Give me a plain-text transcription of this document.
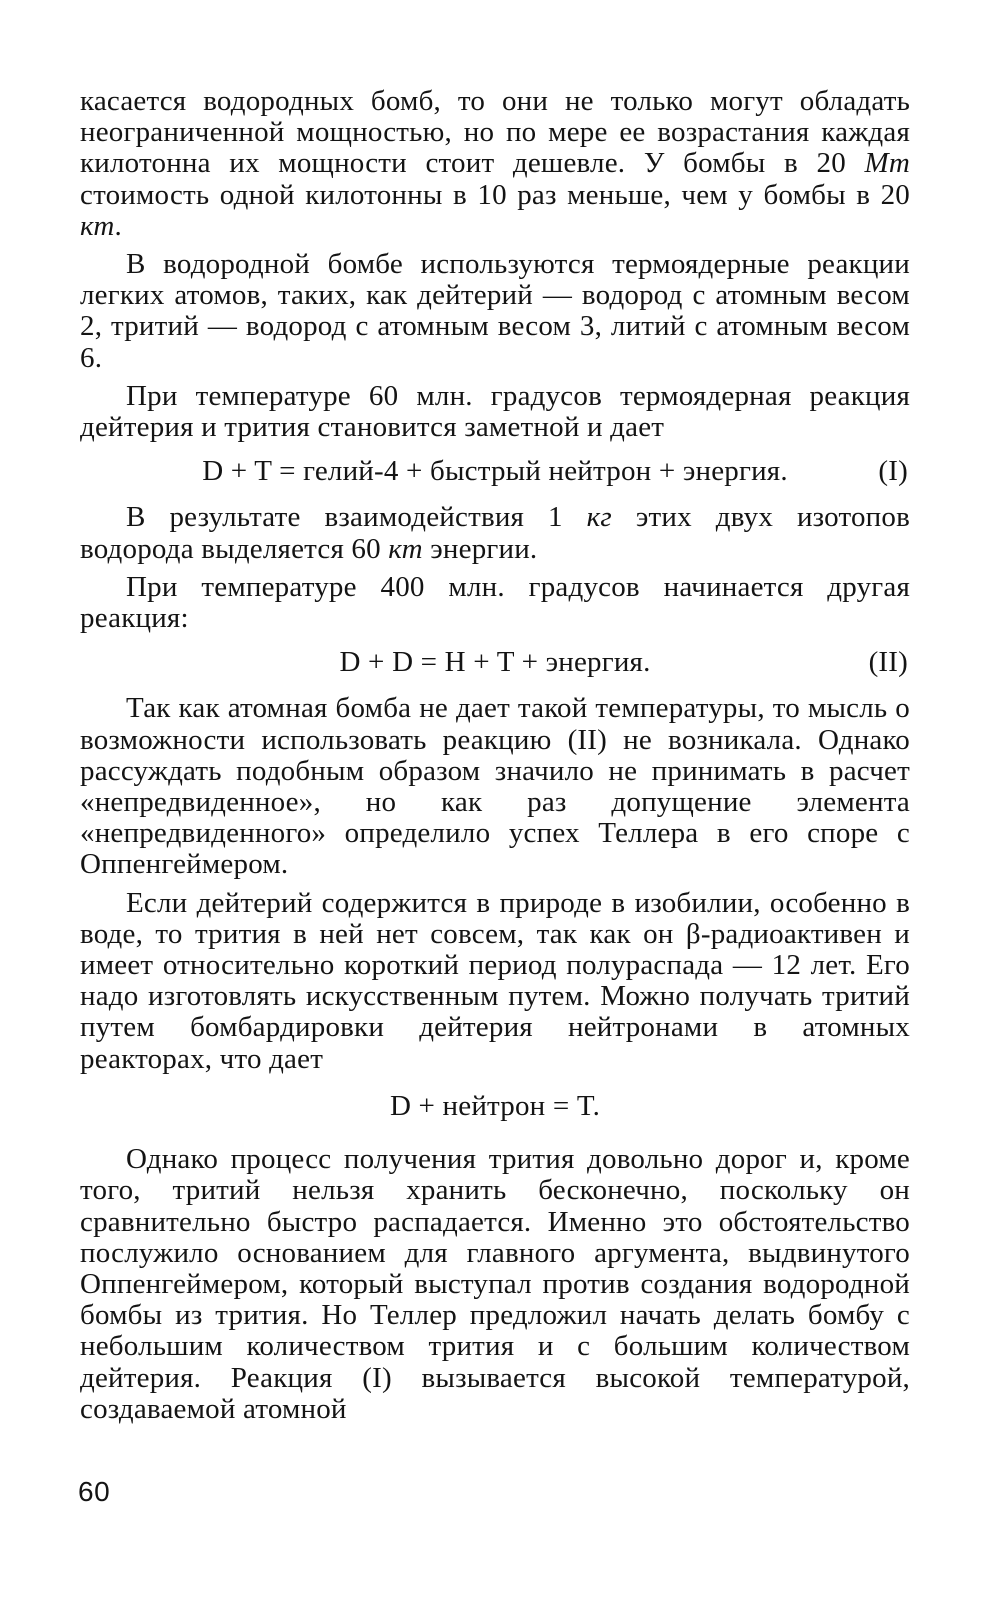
касается водородных бомб, то они не только могут обладать неограниченной мощностью, но по мере ее возрастания каждая килотонна их мощности стоит дешевле. У бомбы в 20 Мт стоимость одной килотонны в 10 раз меньше, чем у бомбы в 20 кт.

В водородной бомбе используются термоядерные реакции легких атомов, таких, как дейтерий — водород с атомным весом 2, тритий — водород с атомным весом 3, литий с атомным весом 6.

При температуре 60 млн. градусов термоядерная реакция дейтерия и трития становится заметной и дает

D + T = гелий-4 + быстрый нейтрон + энергия.	(I)

В результате взаимодействия 1 кг этих двух изотопов водорода выделяется 60 кт энергии.

При температуре 400 млн. градусов начинается другая реакция:

D + D = H + T + энергия.	(II)

Так как атомная бомба не дает такой температуры, то мысль о возможности использовать реакцию (II) не возникала. Однако рассуждать подобным образом значило не принимать в расчет «непредвиденное», но как раз допущение элемента «непредвиденного» определило успех Теллера в его споре с Оппенгеймером.

Если дейтерий содержится в природе в изобилии, особенно в воде, то трития в ней нет совсем, так как он β-радиоактивен и имеет относительно короткий период полураспада — 12 лет. Его надо изготовлять искусственным путем. Можно получать тритий путем бомбардировки дейтерия нейтронами в атомных реакторах, что дает

D + нейтрон = T.

Однако процесс получения трития довольно дорог и, кроме того, тритий нельзя хранить бесконечно, поскольку он сравнительно быстро распадается. Именно это обстоятельство послужило основанием для главного аргумента, выдвинутого Оппенгеймером, который выступал против создания водородной бомбы из трития. Но Теллер предложил начать делать бомбу с небольшим количеством трития и с большим количеством дейтерия. Реакция (I) вызывается высокой температурой, создаваемой атомной

60
